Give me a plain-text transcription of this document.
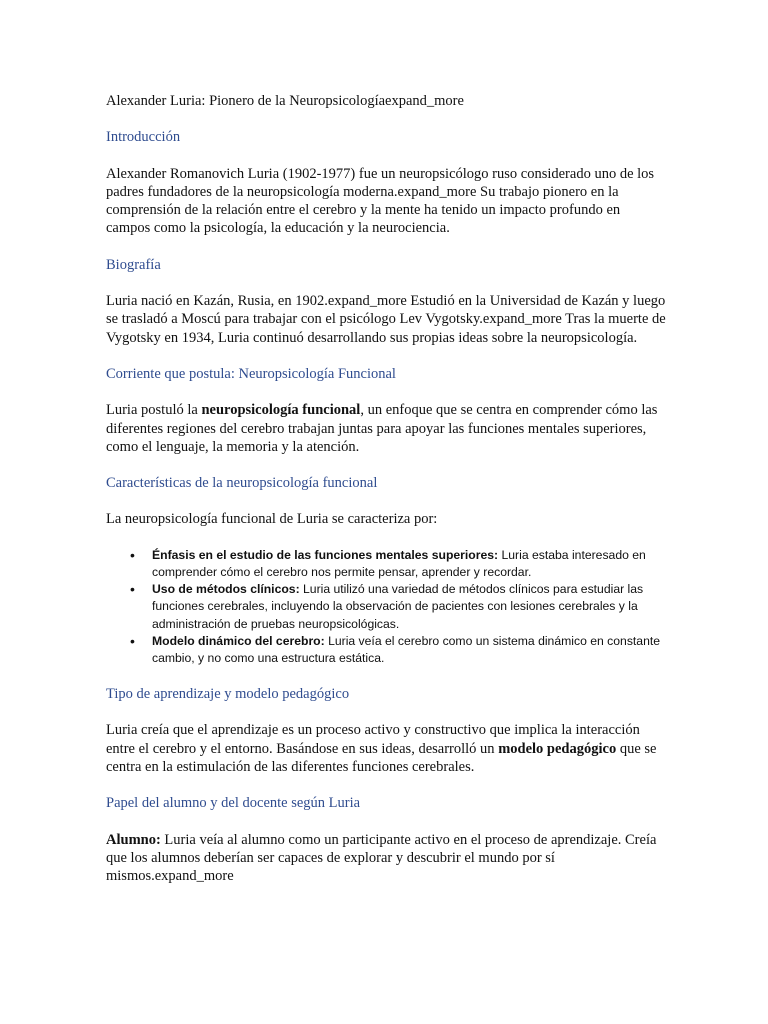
Alexander Luria: Pionero de la Neuropsicologíaexpand_more

Introducción

Alexander Romanovich Luria (1902-1977) fue un neuropsicólogo ruso considerado uno de los padres fundadores de la neuropsicología moderna.expand_more Su trabajo pionero en la comprensión de la relación entre el cerebro y la mente ha tenido un impacto profundo en campos como la psicología, la educación y la neurociencia.

Biografía

Luria nació en Kazán, Rusia, en 1902.expand_more Estudió en la Universidad de Kazán y luego se trasladó a Moscú para trabajar con el psicólogo Lev Vygotsky.expand_more Tras la muerte de Vygotsky en 1934, Luria continuó desarrollando sus propias ideas sobre la neuropsicología.

Corriente que postula: Neuropsicología Funcional

Luria postuló la neuropsicología funcional, un enfoque que se centra en comprender cómo las diferentes regiones del cerebro trabajan juntas para apoyar las funciones mentales superiores, como el lenguaje, la memoria y la atención.

Características de la neuropsicología funcional

La neuropsicología funcional de Luria se caracteriza por:

• Énfasis en el estudio de las funciones mentales superiores: Luria estaba interesado en comprender cómo el cerebro nos permite pensar, aprender y recordar.
• Uso de métodos clínicos: Luria utilizó una variedad de métodos clínicos para estudiar las funciones cerebrales, incluyendo la observación de pacientes con lesiones cerebrales y la administración de pruebas neuropsicológicas.
• Modelo dinámico del cerebro: Luria veía el cerebro como un sistema dinámico en constante cambio, y no como una estructura estática.

Tipo de aprendizaje y modelo pedagógico

Luria creía que el aprendizaje es un proceso activo y constructivo que implica la interacción entre el cerebro y el entorno. Basándose en sus ideas, desarrolló un modelo pedagógico que se centra en la estimulación de las diferentes funciones cerebrales.

Papel del alumno y del docente según Luria

Alumno: Luria veía al alumno como un participante activo en el proceso de aprendizaje. Creía que los alumnos deberían ser capaces de explorar y descubrir el mundo por sí mismos.expand_more
